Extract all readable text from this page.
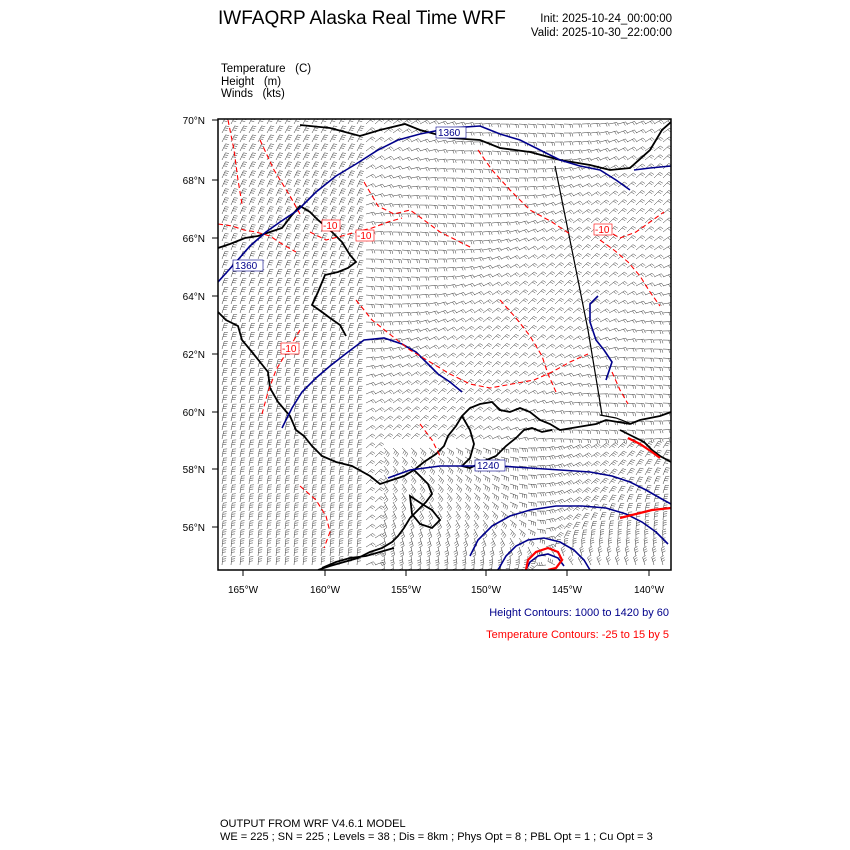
IWFAQRP Alaska Real Time WRF	Init: 2025-10-24_00:00:00
Valid: 2025-10-30_22:00:00
Temperature   (C)
Height   (m)
Winds   (kts)
1360
1360
1240
-10
-10
-10
-10
70°N
68°N
66°N
64°N
62°N
60°N
58°N
56°N
165°W	160°W	155°W	150°W	145°W	140°W
Height Contours: 1000 to 1420 by 60
Temperature Contours: -25 to 15 by 5
OUTPUT FROM WRF V4.6.1 MODEL
WE = 225 ; SN = 225 ; Levels = 38 ; Dis = 8km ; Phys Opt = 8 ; PBL Opt = 1 ; Cu Opt = 3
